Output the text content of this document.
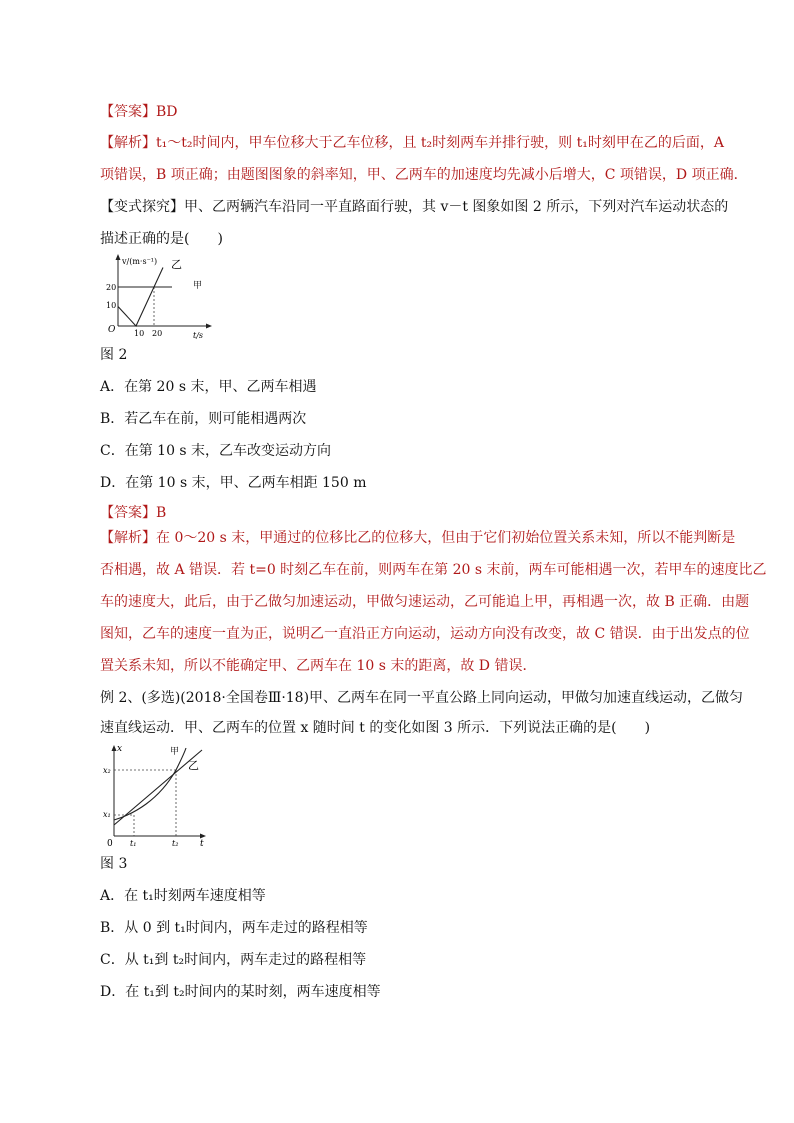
【答案】BD
【解析】t₁～t₂时间内，甲车位移大于乙车位移，且 t₂时刻两车并排行驶，则 t₁时刻甲在乙的后面，A
项错误，B 项正确；由题图图象的斜率知，甲、乙两车的加速度均先减小后增大，C 项错误，D 项正确．
【变式探究】甲、乙两辆汽车沿同一平直路面行驶，其 v－t 图象如图 2 所示，下列对汽车运动状态的
描述正确的是(　　)
v/(m·s⁻¹)
t/s
O
20
10
10 20
甲
乙
图 2
A．在第 20 s 末，甲、乙两车相遇
B．若乙车在前，则可能相遇两次
C．在第 10 s 末，乙车改变运动方向
D．在第 10 s 末，甲、乙两车相距 150 m
【答案】B
【解析】在 0～20 s 末，甲通过的位移比乙的位移大，但由于它们初始位置关系未知，所以不能判断是
否相遇，故 A 错误．若 t=0 时刻乙车在前，则两车在第 20 s 末前，两车可能相遇一次，若甲车的速度比乙
车的速度大，此后，由于乙做匀加速运动，甲做匀速运动，乙可能追上甲，再相遇一次，故 B 正确．由题
图知，乙车的速度一直为正，说明乙一直沿正方向运动，运动方向没有改变，故 C 错误．由于出发点的位
置关系未知，所以不能确定甲、乙两车在 10 s 末的距离，故 D 错误．
例 2、(多选)(2018·全国卷Ⅲ·18)甲、乙两车在同一平直公路上同向运动，甲做匀加速直线运动，乙做匀
速直线运动．甲、乙两车的位置 x 随时间 t 的变化如图 3 所示．下列说法正确的是(　　)
x
t
0
x₂
x₁
t₁	t₂
甲
乙
图 3
A．在 t₁时刻两车速度相等
B．从 0 到 t₁时间内，两车走过的路程相等
C．从 t₁到 t₂时间内，两车走过的路程相等
D．在 t₁到 t₂时间内的某时刻，两车速度相等
